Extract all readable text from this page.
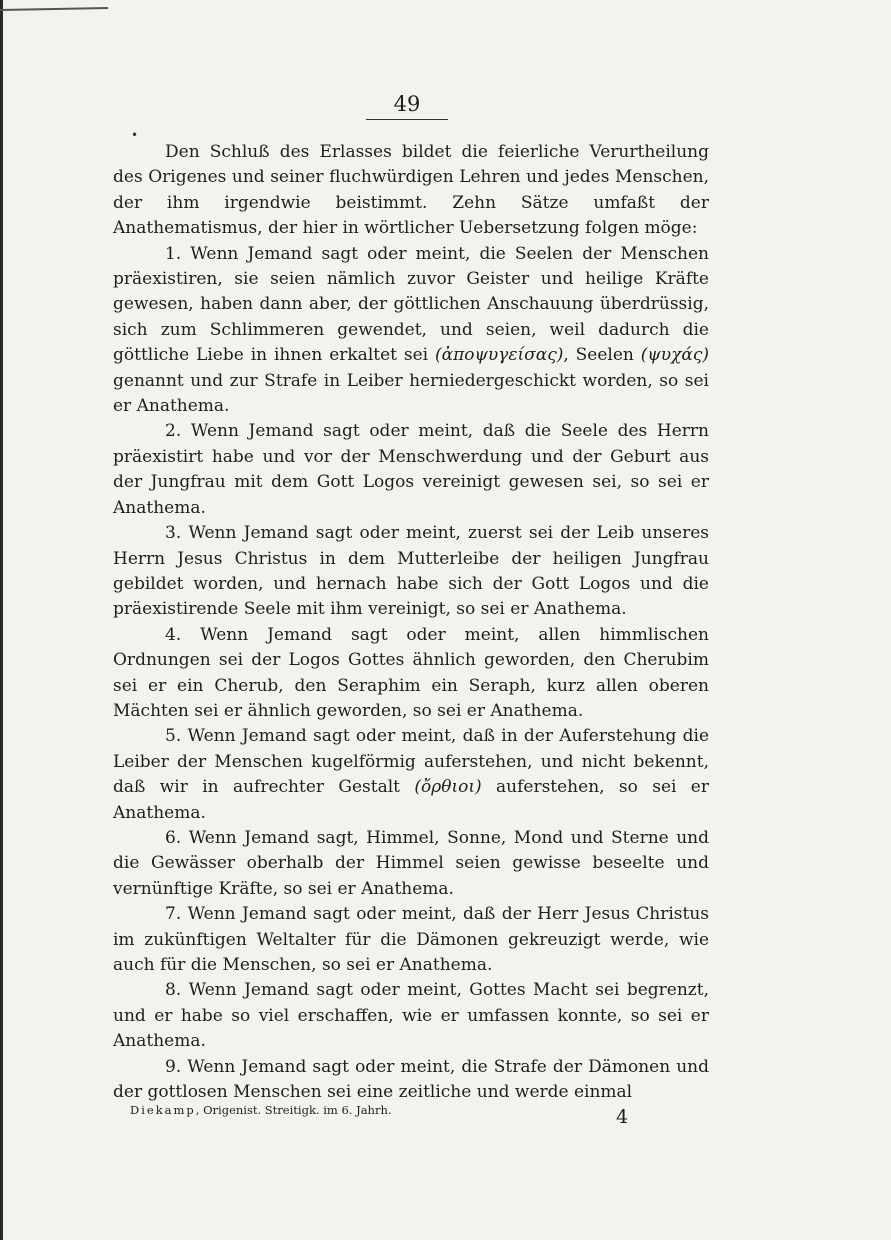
49
•

Den Schluß des Erlasses bildet die feierliche Verurtheilung des Origenes und seiner fluchwürdigen Lehren und jedes Menschen, der ihm irgendwie beistimmt. Zehn Sätze umfaßt der Anathematismus, der hier in wörtlicher Uebersetzung folgen möge:

1. Wenn Jemand sagt oder meint, die Seelen der Menschen präexistiren, sie seien nämlich zuvor Geister und heilige Kräfte gewesen, haben dann aber, der göttlichen Anschauung überdrüssig, sich zum Schlimmeren gewendet, und seien, weil dadurch die göttliche Liebe in ihnen erkaltet sei (ἀποψυγείσας), Seelen (ψυχάς) genannt und zur Strafe in Leiber herniedergeschickt worden, so sei er Anathema.

2. Wenn Jemand sagt oder meint, daß die Seele des Herrn präexistirt habe und vor der Menschwerdung und der Geburt aus der Jungfrau mit dem Gott Logos vereinigt gewesen sei, so sei er Anathema.

3. Wenn Jemand sagt oder meint, zuerst sei der Leib unseres Herrn Jesus Christus in dem Mutterleibe der heiligen Jungfrau gebildet worden, und hernach habe sich der Gott Logos und die präexistirende Seele mit ihm vereinigt, so sei er Anathema.

4. Wenn Jemand sagt oder meint, allen himmlischen Ordnungen sei der Logos Gottes ähnlich geworden, den Cherubim sei er ein Cherub, den Seraphim ein Seraph, kurz allen oberen Mächten sei er ähnlich geworden, so sei er Anathema.

5. Wenn Jemand sagt oder meint, daß in der Auferstehung die Leiber der Menschen kugelförmig auferstehen, und nicht bekennt, daß wir in aufrechter Gestalt (ὄρθιοι) auferstehen, so sei er Anathema.

6. Wenn Jemand sagt, Himmel, Sonne, Mond und Sterne und die Gewässer oberhalb der Himmel seien gewisse beseelte und vernünftige Kräfte, so sei er Anathema.

7. Wenn Jemand sagt oder meint, daß der Herr Jesus Christus im zukünftigen Weltalter für die Dämonen gekreuzigt werde, wie auch für die Menschen, so sei er Anathema.

8. Wenn Jemand sagt oder meint, Gottes Macht sei begrenzt, und er habe so viel erschaffen, wie er umfassen konnte, so sei er Anathema.

9. Wenn Jemand sagt oder meint, die Strafe der Dämonen und der gottlosen Menschen sei eine zeitliche und werde einmal

Diekamp, Origenist. Streitigk. im 6. Jahrh.	4
